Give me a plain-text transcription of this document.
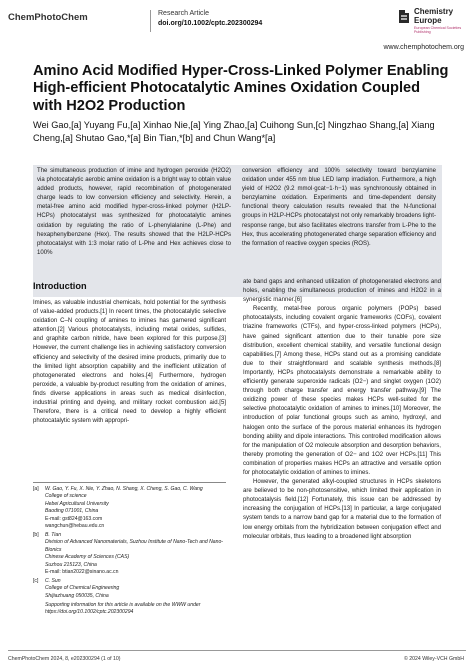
ChemPhotoChem	Research Article
doi.org/10.1002/cptc.202300294
Chemistry Europe
European Chemical Societies Publishing
www.chemphotochem.org
Amino Acid Modified Hyper-Cross-Linked Polymer Enabling High-efficient Photocatalytic Amines Oxidation Coupled with H2O2 Production
Wei Gao,[a] Yuyang Fu,[a] Xinhao Nie,[a] Ying Zhao,[a] Cuihong Sun,[c] Ningzhao Shang,[a] Xiang Cheng,[a] Shutao Gao,*[a] Bin Tian,*[b] and Chun Wang*[a]
The simultaneous production of imine and hydrogen peroxide (H2O2) via photocatalytic aerobic amine oxidation is a bright way to obtain value added products, however, rapid recombination of photogenerated charge leads to low conversion efficiency and selectivity. Herein, a metal-free amino acid modified hyper-cross-linked polymer (H2LP-HCPs) photocatalyst was synthesized for photocatalytic amines oxidation by regulating the ratio of L-phenylalanine (L-Phe) and hexaphenylbenzene (Hex). The results showed that the H2LP-HCPs photocatalyst with 1:3 molar ratio of L-Phe and Hex achieves close to 100%
conversion efficiency and 100% selectivity toward benzylamine oxidation under 455 nm blue LED lamp irradiation. Furthermore, a high yield of H2O2 (9.2 mmol·gcat−1·h−1) was synchronously obtained in benzylamine oxidation. Experiments and time-dependent density functional theory calculation results revealed that the N-functional groups in H2LP-HCPs photocatalyst not only remarkably broadens light-response range, but also facilitates electrons transfer from L-Phe to the Hex, thus accelerating photogenerated charge separation efficiency and the formation of reactive oxygen species (ROS).
Introduction
Imines, as valuable industrial chemicals, hold potential for the synthesis of value-added products.[1] In recent times, the photocatalytic selective oxidation C–N coupling of amines to imines has garnered significant attention.[2] Various photocatalysts, including metal oxides, sulfides, and graphite carbon nitride, have been explored for this purpose.[3] However, the current challenge lies in achieving satisfactory conversion efficiency and selectivity of the desired imine products, primarily due to the limited light absorption capability and the inefficient utilization of photogenerated electrons and holes.[4] Furthermore, hydrogen peroxide, a valuable by-product resulting from the oxidation of amines, finds diverse applications in areas such as medical disinfection, industrial printing and dyeing, and military rocket combustion aid.[5] Therefore, there is a critical need to develop a highly efficient photocatalytic system with appropri-
ate band gaps and enhanced utilization of photogenerated electrons and holes, enabling the simultaneous production of imines and H2O2 in a synergistic manner.[6]
Recently, metal-free porous organic polymers (POPs) based photocatalysts, including covalent organic frameworks (COFs), covalent triazine frameworks (CTFs), and hyper-cross-linked polymers (HCPs), have gained significant attention due to their tunable pore size distribution, excellent chemical stability, and versatile functional design capabilities.[7] Among these, HCPs stand out as a promising candidate due to their straightforward and scalable synthesis methods.[8] Importantly, HCPs photocatalysts demonstrate a remarkable ability to efficiently generate superoxide radicals (O2−) and singlet oxygen (1O2) through both charge transfer and energy transfer pathway.[9] The oxidizing power of these species makes HCPs well-suited for the selective photocatalytic oxidation of amines to imines.[10] Moreover, the introduction of polar functional groups such as amino, hydroxyl, and halogen onto the surface of the porous material enhances its hydrogen bonding ability and dipole interactions. This controlled modification allows for the manipulation of O2 molecule absorption and desorption behaviors, thereby promoting the generation of O2− and 1O2 over HCPs.[11] This combination of properties makes HCPs an attractive and versatile option for photocatalytic oxidation of amines to imines.
However, the generated alkyl-coupled structures in HCPs skeletons are believed to be non-photosensitive, which limited their application in photocatalysis field.[12] Fortunately, this issue can be addressed by increasing the conjugation of HCPs.[13] In particular, a large conjugated system tends to a narrow band gap for a material due to the formation of low energy orbitals from the hybridization between conjugation effect and molecular orbitals, thus leading to a broadened light absorption
[a] W. Gao, Y. Fu, X. Nie, Y. Zhao, N. Shang, X. Cheng, S. Gao, C. Wang
College of science
Hebei Agricultural University
Baoding 071001, China
E-mail: gst824@163.com
wangchun@hebau.edu.cn
[b] B. Tian
Division of Advanced Nanomaterials, Suzhou Institute of Nano-Tech and Nano-Bionics
Chinese Academy of Sciences (CAS)
Suzhou 215123, China
E-mail: btian2022@sinano.ac.cn
[c] C. Sun
College of Chemical Engineering
Shijiazhuang 050035, China
Supporting information for this article is available on the WWW under https://doi.org/10.1002/cptc.202300294
ChemPhotoChem 2024, 8, e202300294 (1 of 10)	© 2024 Wiley-VCH GmbH
